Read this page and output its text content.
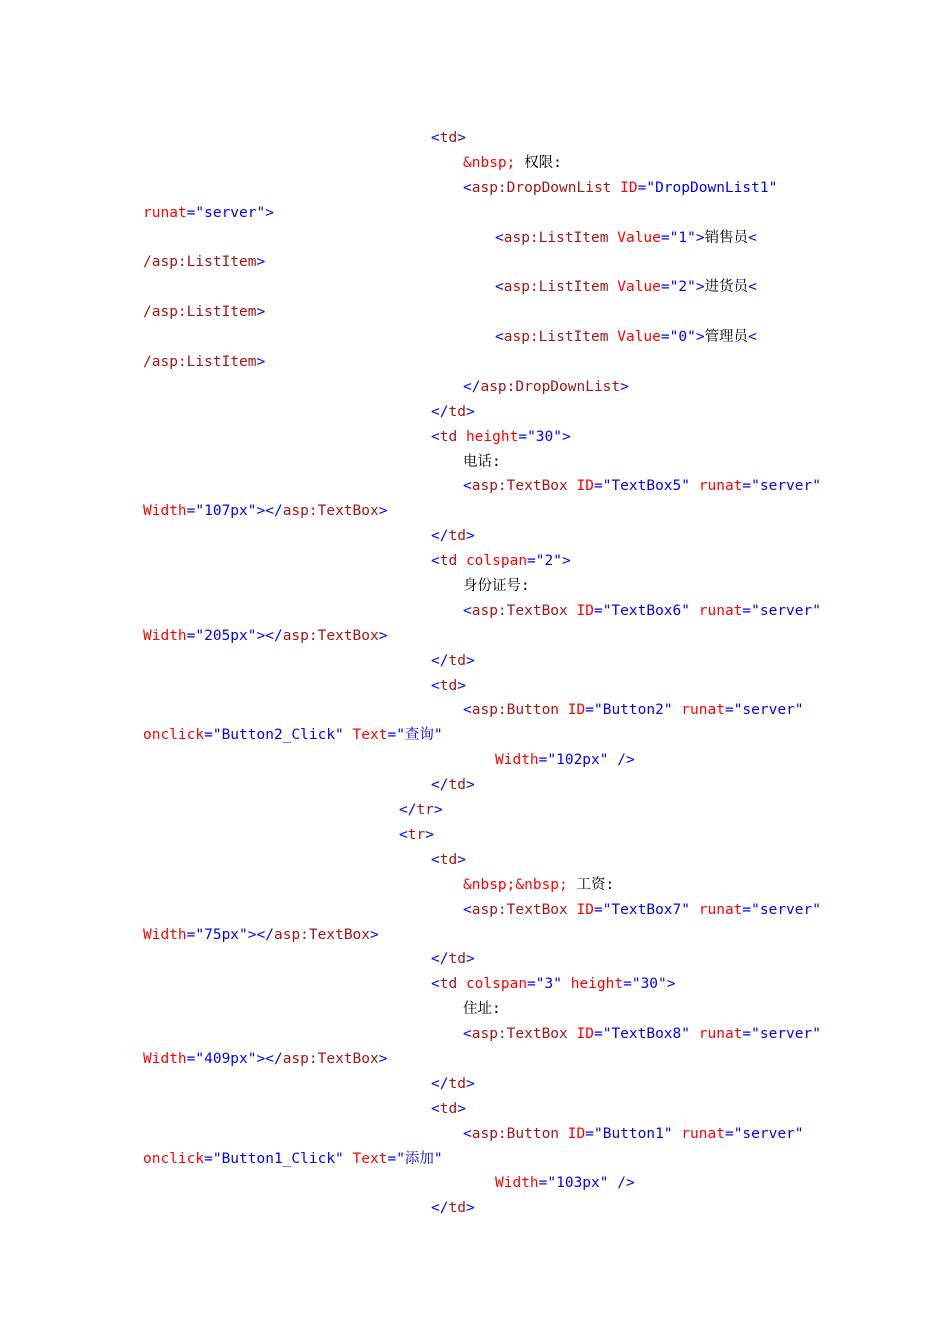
<td>
&nbsp; 权限:
<asp:DropDownList ID="DropDownList1"
runat="server">
<asp:ListItem Value="1">销售员<
/asp:ListItem>
<asp:ListItem Value="2">进货员<
/asp:ListItem>
<asp:ListItem Value="0">管理员<
/asp:ListItem>
</asp:DropDownList>
</td>
<td height="30">
电话:
<asp:TextBox ID="TextBox5" runat="server"
Width="107px"></asp:TextBox>
</td>
<td colspan="2">
身份证号:
<asp:TextBox ID="TextBox6" runat="server"
Width="205px"></asp:TextBox>
</td>
<td>
<asp:Button ID="Button2" runat="server"
onclick="Button2_Click" Text="查询"
Width="102px" />
</td>
</tr>
<tr>
<td>
&nbsp;&nbsp; 工资:
<asp:TextBox ID="TextBox7" runat="server"
Width="75px"></asp:TextBox>
</td>
<td colspan="3" height="30">
住址:
<asp:TextBox ID="TextBox8" runat="server"
Width="409px"></asp:TextBox>
</td>
<td>
<asp:Button ID="Button1" runat="server"
onclick="Button1_Click" Text="添加"
Width="103px" />
</td>
